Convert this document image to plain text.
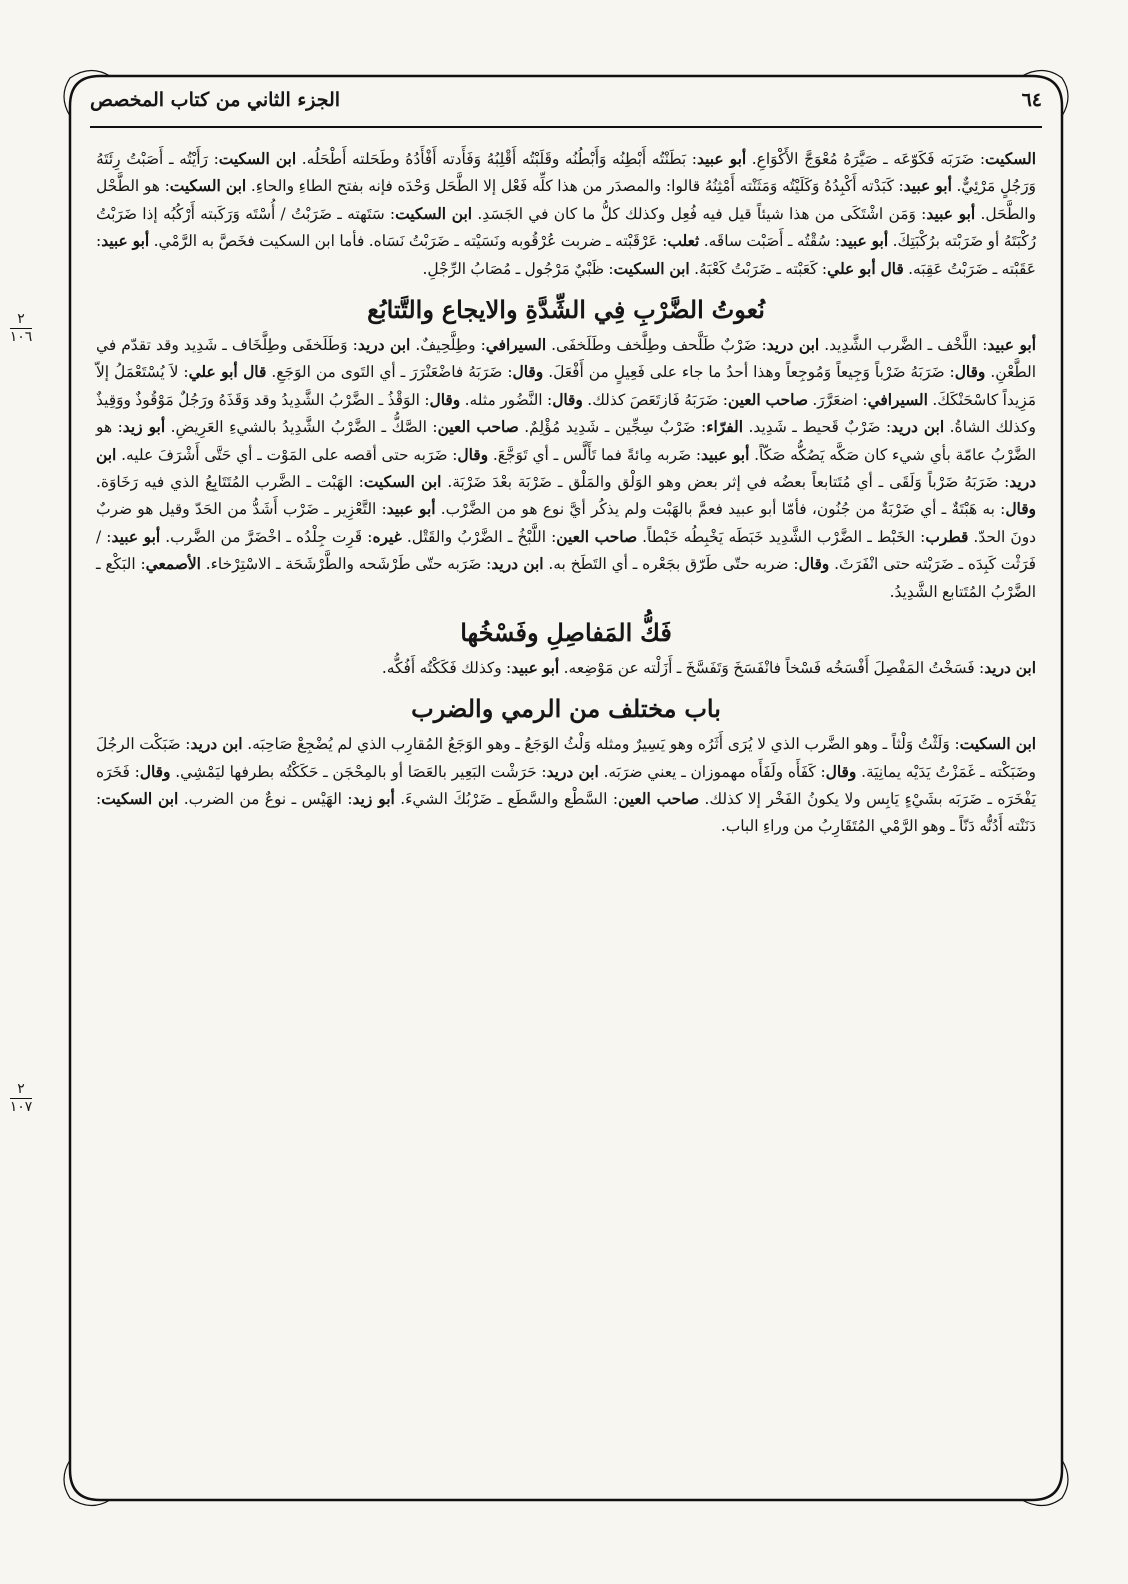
٦٤
الجزء الثاني من كتاب المخصص
٢
١٠٦
٢
١٠٧

السكيت: ضَرَبَه فَكَوّعَه ـ صَيَّرَهُ مُعْوَجَّ الأَكْوَاعِ. أبو عبيد: بَطَنْتُه أَبْطِنُه وَأَبْطُنُه وقَلَبْتُه أَقْلِبُهُ وَفَأَدته أَفْأَدُهُ وطَحَلته أَطْحَلُه. ابن السكيت: رَأَيْتُه ـ أَصَبْتُ رِئَتَهُ وَرَجُلٍ مَرْئِيٌّ. أبو عبيد: كَبَدْته أَكْبِدُهُ وَكَلَيْتُه وَمَثَنْته أَمْثِنُهُ قالوا: والمصدَر من هذا كلِّه فَعْل إلا الطَّحَل وَحْدَه فإنه بفتح الطاءِ والحاءِ. ابن السكيت: هو الطَّحْل والطَّحَل. أبو عبيد: وَمَن اشْتَكَى من هذا شيئاً قيل فيه فُعِل وكذلك كلُّ ما كان في الجَسَدِ. ابن السكيت: سَتَهته ـ ضَرَبْتُ / أُسْتَه وَرَكَبته أَرْكُبُه إذا ضَرَبْتُ رُكْبَتَهُ أو ضَرَبْته برُكْبَتِكَ. أبو عبيد: سُقْتُه ـ أَصَبْت ساقَه. ثعلب: عَرْقَبْته ـ ضربت عُرْقُوبه ونَسَيْته ـ ضَرَبْتُ نَسَاه. فأما ابن السكيت فخَصَّ به الرَّمْي. أبو عبيد: عَقَبْته ـ ضَرَبْتُ عَقِبَه. قال أبو علي: كَعَبْته ـ ضَرَبْتُ كَعْبَهُ. ابن السكيت: ظَبْيٌ مَرْجُول ـ مُصَابُ الرِّجْلِ.

نُعوتُ الضَّرْبِ فِي الشِّدَّةِ والايجاع والتَّتابُع

أبو عبيد: اللَّخْف ـ الضَّرب الشَّدِيد. ابن دريد: ضَرْبٌ طَلَّحف وطِلَّخف وطَلَخفَى. السيرافي: وطِلَّحِيفٌ. ابن دريد: وَطَلَخفَى وطِلَّخَاف ـ شَدِيد وقد تقدّم في الطَّعْنِ. وقال: ضَرَبَهُ ضَرْباً وَجِيعاً وَمُوجِعاً وهذا أحدُ ما جاء على فَعِيلٍ من أَفْعَلَ. وقال: ضَرَبَهُ فاضْعَنْرَرَ ـ أي التَوى من الوَجَعِ. قال أبو علي: لاَ يُسْتَعْمَلُ إلاّ مَزِيداً كاسْحَنْكَكَ. السيرافي: اضعَرَّرَ. صاحب العين: ضَرَبَهُ فَازتَعَصَ كذلك. وقال: النَّضُور مثله. وقال: الوَقْذُ ـ الضَّرْبُ الشَّدِيدُ وقد وَقَذَهُ ورَجُلٌ مَوْقُوذٌ ووَقِيذٌ وكذلك الشاةُ. ابن دريد: ضَرْبٌ قَحيط ـ شَدِيد. الفرّاء: ضَرْبٌ سِجِّين ـ شَدِيد مُؤْلِمٌ. صاحب العين: الصَّكُّ ـ الضَّرْبُ الشَّدِيدُ بالشيءِ العَرِيضِ. أبو زيد: هو الضَّرْبُ عامّة بأي شيء كان صَكَّه يَصُكُّه صَكّاً. أبو عبيد: ضَربه مِائةً فما تَأَلَّس ـ أي تَوَجَّعَ. وقال: ضَرَبه حتى أقصه على المَوْت ـ أي حَتَّى أَشْرَفَ عليه. ابن دريد: ضَرَبَهُ ضَرْباً وَلَقَى ـ أي مُتَتابعاً بعضُه في إثر بعض وهو الوَلْق والمَلْق ـ ضَرْبَة بعْدَ ضَرْبَة. ابن السكيت: الهَبْت ـ الضَّرب المُتَتَابِعُ الذي فيه رَخَاوَة. وقال: به هَبْتَةٌ ـ أي ضَرْبَةٌ من جُنُون، فأمّا أبو عبيد فعمَّ بالهَبْت ولم يذكُر أيَّ نوع هو من الضَّرْب. أبو عبيد: التَّعْزِير ـ ضَرْب أَشَدُّ من الحَدّ وقيل هو ضربٌ دونَ الحدّ. قطرب: الخَبْط ـ الضَّرْب الشَّدِيد خَبَطَه يَخْبِطُه خَبْطاً. صاحب العين: اللَّبْخُ ـ الضَّرْبُ والقَتْل. غيره: قَرِت جِلْدُه ـ اخْضَرَّ من الضَّرب. أبو عبيد: / فَرَثْت كَبِدَه ـ ضَرَبْته حتى انْفَرَثَ. وقال: ضربه حتّى طَرّق بجَعْره ـ أي التَطَخ به. ابن دريد: ضَرَبه حتّى طَرْشَحه والطَّرْشَحَة ـ الاسْتِرْخاء. الأصمعي: البَكْع ـ الضَّرْبُ المُتَتابع الشَّدِيدُ.

فَكُّ المَفاصِلِ وفَسْخُها

ابن دريد: فَسَخْتُ المَفْصِلَ أَفْسَخُه فَسْخاً فانْفَسَخَ وَتَفَسَّخَ ـ أَزَلْته عن مَوْضِعه. أبو عبيد: وكذلك فَكَكْتُه أَفُكُّه.

باب مختلف من الرمي والضرب

ابن السكيت: وَلَثْتُ وَلْثاً ـ وهو الضَّرب الذي لا يُرَى أَثَرُه وهو يَسِيرٌ ومثله وَلْثُ الوَجَعُ ـ وهو الوَجَعُ المُقارِب الذي لم يُضْجِعْ صَاحِبَه. ابن دريد: ضَبَكْت الرجُلَ وضَبَكْته ـ غَمَزْتُ يَدَيْه يمانِيَة. وقال: كَفَأَه ولَفَأَه مهموزان ـ يعني ضرَبَه. ابن دريد: حَرَشْت البَعِير بالعَصَا أو بالمِحْجَن ـ حَكَكْتُه بطرفها ليَمْشِي. وقال: فَخَرَه يَفْخَرَه ـ ضَرَبَه بشَيْءٍ يَابِس ولا يكونُ الفَخْر إلا كذلك. صاحب العين: السَّطْع والسَّطَع ـ ضَرْبُكَ الشيءَ. أبو زيد: الهَيْس ـ نوعٌ من الضرب. ابن السكيت: دَنَنْته أَدُنُّه دَنّاً ـ وهو الرَّمْي المُتَقَارِبُ من وراءِ الباب.
